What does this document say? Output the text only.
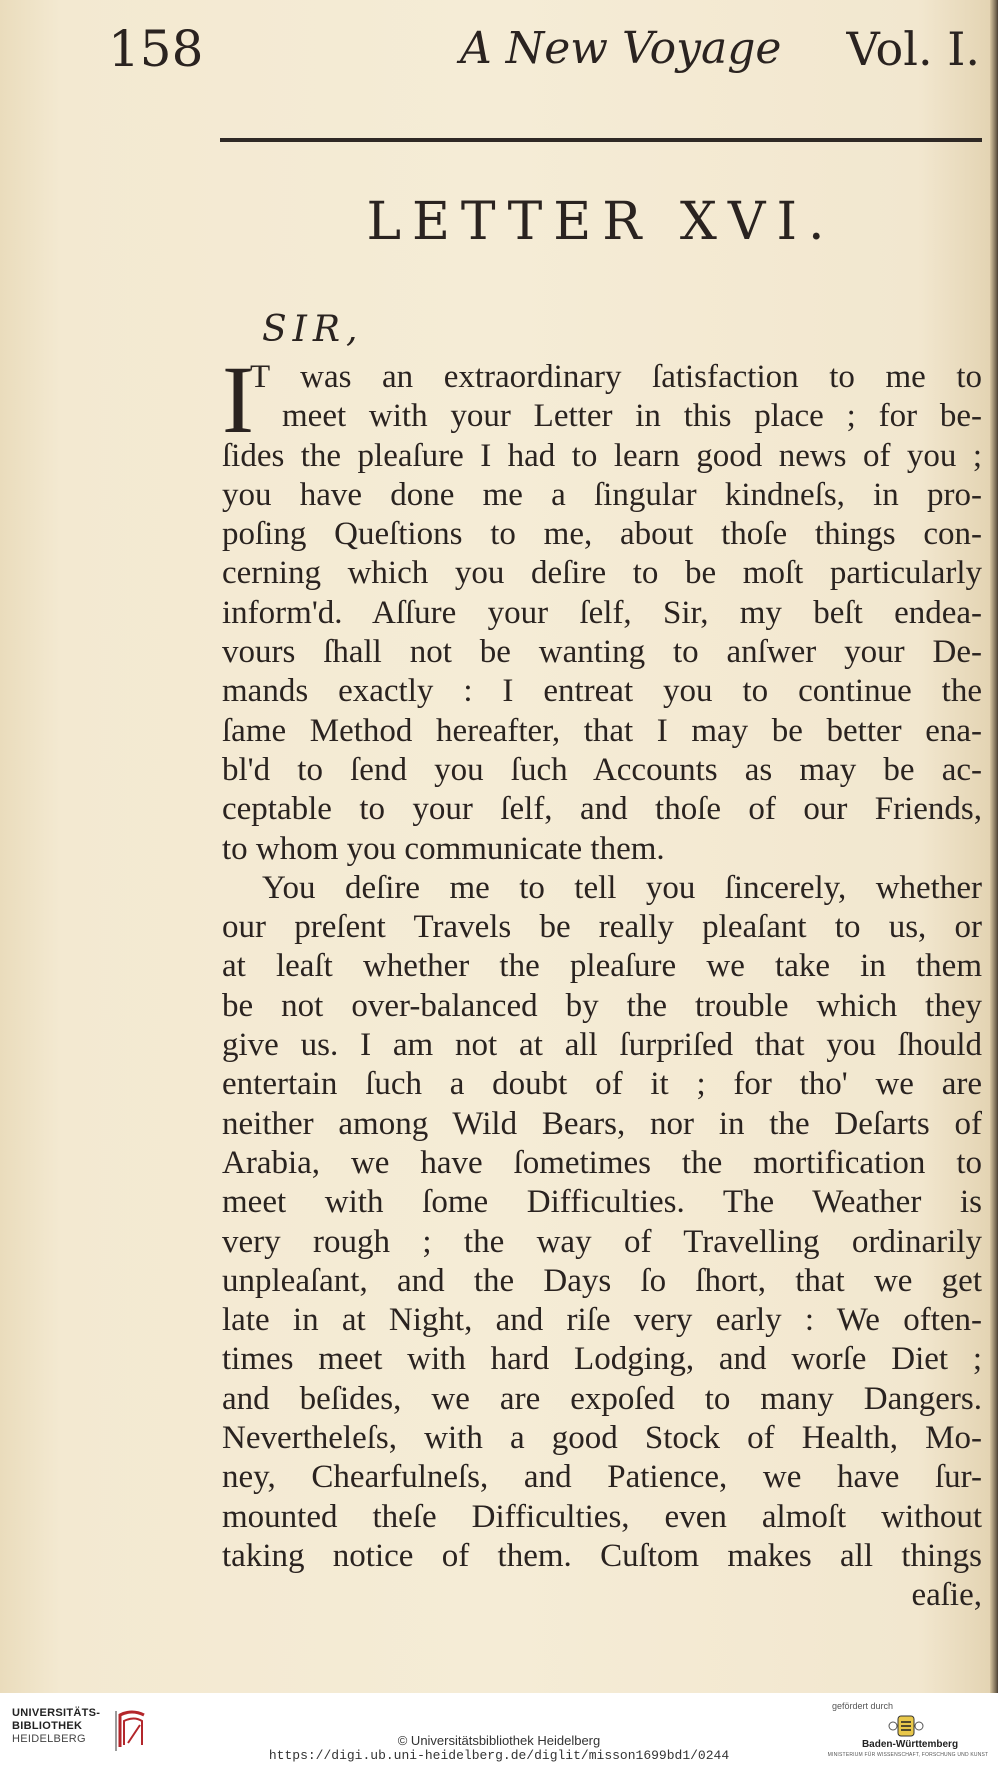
158	A New Voyage Vol. I.
LETTER XVI.
SIR,
I
T was an extraordinary ſatisfaction to me to
meet with your Letter in this place ; for be-
ſides the pleaſure I had to learn good news of you ;
you have done me a ſingular kindneſs, in pro-
poſing Queſtions to me, about thoſe things con-
cerning which you deſire to be moſt particularly
inform'd. Aſſure your ſelf, Sir, my beſt endea-
vours ſhall not be wanting to anſwer your De-
mands exactly : I entreat you to continue the
ſame Method hereafter, that I may be better ena-
bl'd to ſend you ſuch Accounts as may be ac-
ceptable to your ſelf, and thoſe of our Friends,
to whom you communicate them.
You deſire me to tell you ſincerely, whether
our preſent Travels be really pleaſant to us, or
at leaſt whether the pleaſure we take in them
be not over-balanced by the trouble which they
give us. I am not at all ſurpriſed that you ſhould
entertain ſuch a doubt of it ; for tho' we are
neither among Wild Bears, nor in the Deſarts of
Arabia, we have ſometimes the mortification to
meet with ſome Difficulties. The Weather is
very rough ; the way of Travelling ordinarily
unpleaſant, and the Days ſo ſhort, that we get
late in at Night, and riſe very early : We often-
times meet with hard Lodging, and worſe Diet ;
and beſides, we are expoſed to many Dangers.
Nevertheleſs, with a good Stock of Health, Mo-
ney, Chearfulneſs, and Patience, we have ſur-
mounted theſe Difficulties, even almoſt without
taking notice of them. Cuſtom makes all things
eaſie,
UNIVERSITÄTS-
BIBLIOTHEK
HEIDELBERG	© Universitätsbibliothek Heidelberg
https://digi.ub.uni-heidelberg.de/diglit/misson1699bd1/0244
gefördert durch
Baden-Württemberg
MINISTERIUM FÜR WISSENSCHAFT, FORSCHUNG UND KUNST
